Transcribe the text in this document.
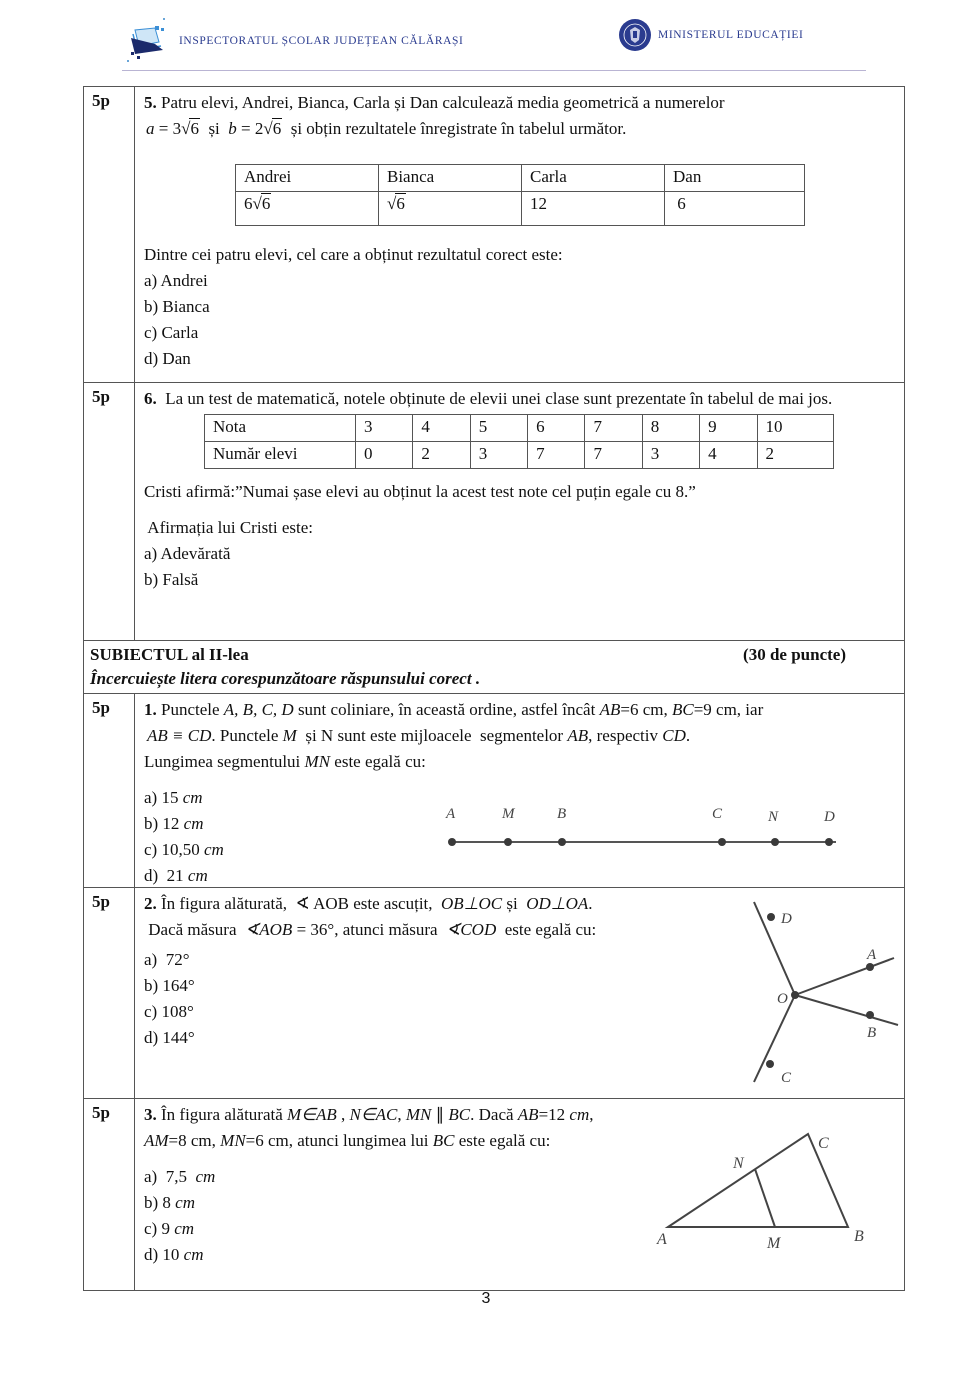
INSPECTORATUL ȘCOLAR JUDEȚEAN CĂLĂRAȘI	MINISTERUL EDUCAȚIEI
5p	5. Patru elevi, Andrei, Bianca, Carla și Dan calculează media geometrică a numerelor
a = 3√6  și  b = 2√6  și obțin rezultatele înregistrate în tabelul următor.
Andrei	Bianca	Carla	Dan
6√6	√6	12	6
Dintre cei patru elevi, cel care a obținut rezultatul corect este:
a) Andrei
b) Bianca
c) Carla
d) Dan
5p	6.  La un test de matematică, notele obținute de elevii unei clase sunt prezentate în tabelul de mai jos.
Nota	3	4	5	6	7	8	9	10
Număr elevi	0	2	3	7	7	3	4	2
Cristi afirmă:”Numai șase elevi au obținut la acest test note cel puțin egale cu 8.”
Afirmația lui Cristi este:
a) Adevărată
b) Falsă
SUBIECTUL al II-lea	(30 de puncte)
Încercuiește litera corespunzătoare răspunsului corect .
5p	1. Punctele A, B, C, D sunt coliniare, în această ordine, astfel încât AB=6 cm, BC=9 cm, iar
AB ≡ CD. Punctele M  și N sunt este mijloacele  segmentelor AB, respectiv CD.
Lungimea segmentului MN este egală cu:
a) 15 cm
b) 12 cm
c) 10,50 cm
d)  21 cm
A	M	B	C	N	D
5p	2. În figura alăturată,  ∢ AOB este ascuțit,  OB⊥OC și  OD⊥OA.
Dacă măsura  ∢AOB = 36°, atunci măsura  ∢COD  este egală cu:
a)  72°
b) 164°
c) 108°
d) 144°
D
A
O
B
C
5p	3. În figura alăturată M∈AB , N∈AC, MN ∥ BC. Dacă AB=12 cm,
AM=8 cm, MN=6 cm, atunci lungimea lui BC este egală cu:
a)  7,5  cm
b) 8 cm
c) 9 cm
d) 10 cm
C
N
A	M	B
3
